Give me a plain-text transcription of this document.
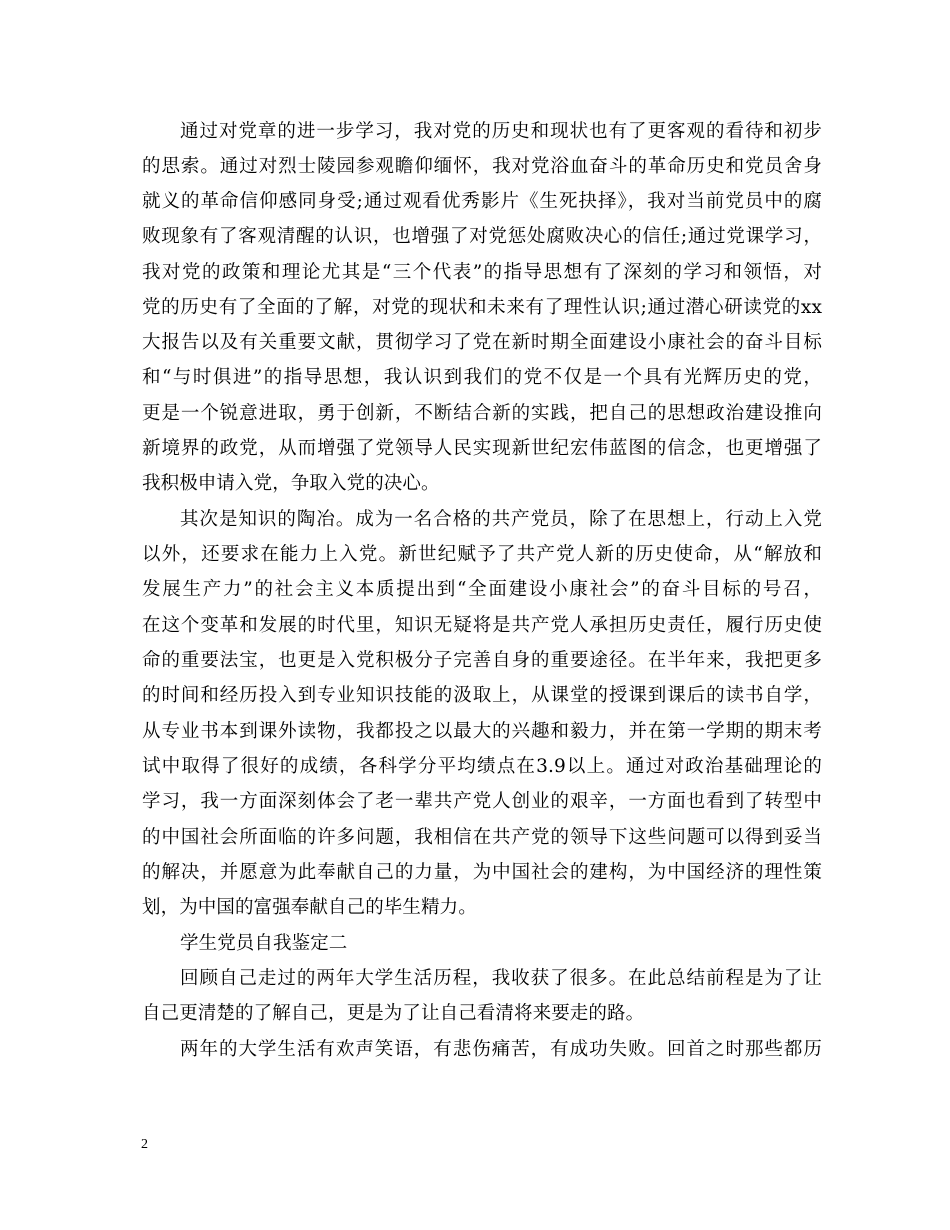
通过对党章的进一步学习，我对党的历史和现状也有了更客观的看待和初步
的思索。通过对烈士陵园参观瞻仰缅怀，我对党浴血奋斗的革命历史和党员舍身
就义的革命信仰感同身受;通过观看优秀影片《生死抉择》，我对当前党员中的腐
败现象有了客观清醒的认识，也增强了对党惩处腐败决心的信任;通过党课学习，
我对党的政策和理论尤其是“三个代表”的指导思想有了深刻的学习和领悟，对
党的历史有了全面的了解，对党的现状和未来有了理性认识;通过潜心研读党的xx
大报告以及有关重要文献，贯彻学习了党在新时期全面建设小康社会的奋斗目标
和“与时俱进”的指导思想，我认识到我们的党不仅是一个具有光辉历史的党，
更是一个锐意进取，勇于创新，不断结合新的实践，把自己的思想政治建设推向
新境界的政党，从而增强了党领导人民实现新世纪宏伟蓝图的信念，也更增强了
我积极申请入党，争取入党的决心。
其次是知识的陶冶。成为一名合格的共产党员，除了在思想上，行动上入党
以外，还要求在能力上入党。新世纪赋予了共产党人新的历史使命，从“解放和
发展生产力”的社会主义本质提出到“全面建设小康社会”的奋斗目标的号召，
在这个变革和发展的时代里，知识无疑将是共产党人承担历史责任，履行历史使
命的重要法宝，也更是入党积极分子完善自身的重要途径。在半年来，我把更多
的时间和经历投入到专业知识技能的汲取上，从课堂的授课到课后的读书自学，
从专业书本到课外读物，我都投之以最大的兴趣和毅力，并在第一学期的期末考
试中取得了很好的成绩，各科学分平均绩点在3.9以上。通过对政治基础理论的
学习，我一方面深刻体会了老一辈共产党人创业的艰辛，一方面也看到了转型中
的中国社会所面临的许多问题，我相信在共产党的领导下这些问题可以得到妥当
的解决，并愿意为此奉献自己的力量，为中国社会的建构，为中国经济的理性策
划，为中国的富强奉献自己的毕生精力。
学生党员自我鉴定二
回顾自己走过的两年大学生活历程，我收获了很多。在此总结前程是为了让
自己更清楚的了解自己，更是为了让自己看清将来要走的路。
两年的大学生活有欢声笑语，有悲伤痛苦，有成功失败。回首之时那些都历
2
